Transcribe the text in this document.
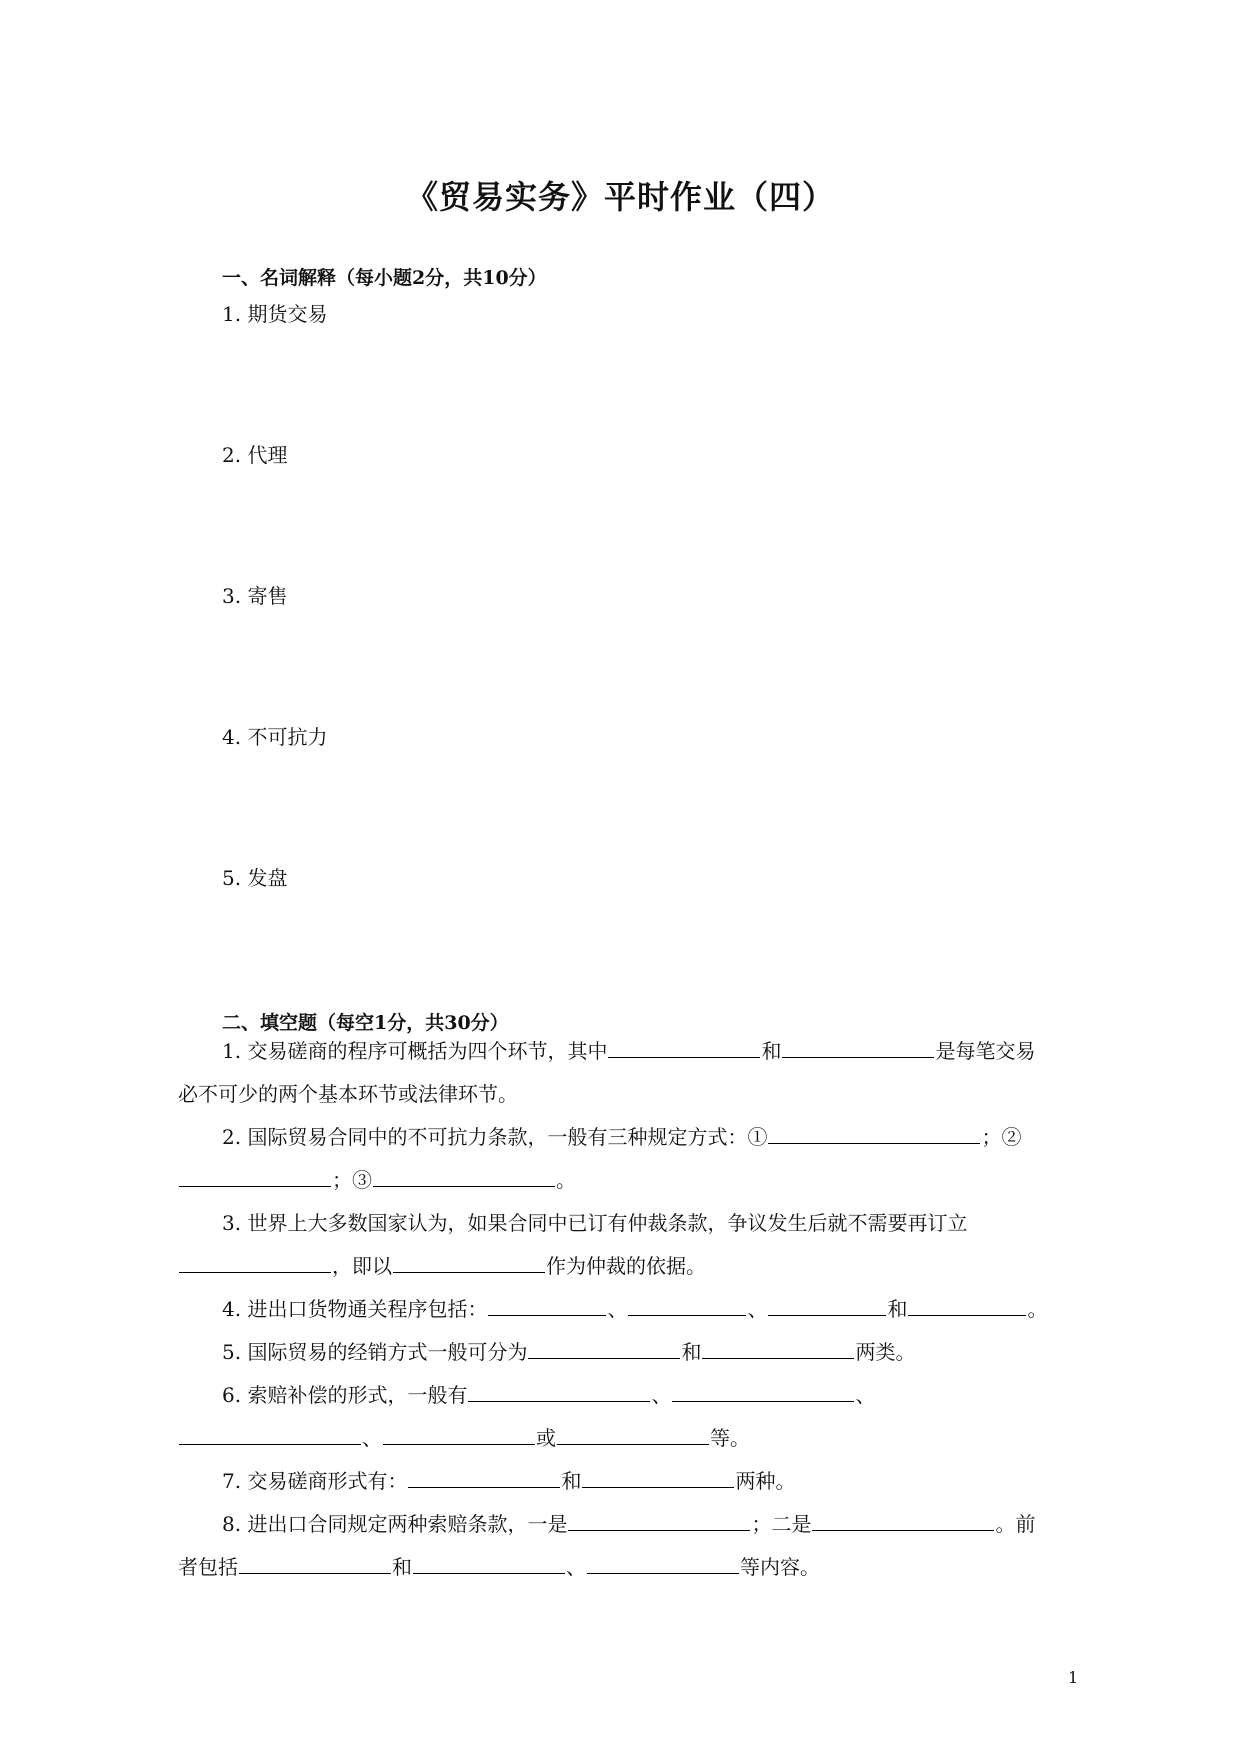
《贸易实务》平时作业（四）
一、名词解释（每小题2分，共10分）
1. 期货交易
2. 代理
3. 寄售
4. 不可抗力
5. 发盘
二、填空题（每空1分，共30分）
1. 交易磋商的程序可概括为四个环节，其中	和	是每笔交易
必不可少的两个基本环节或法律环节。
2. 国际贸易合同中的不可抗力条款，一般有三种规定方式：①	；②
；③	。
3. 世界上大多数国家认为，如果合同中已订有仲裁条款，争议发生后就不需要再订立
，即以	作为仲裁的依据。
4. 进出口货物通关程序包括：	、	、	和	。
5. 国际贸易的经销方式一般可分为	和	两类。
6. 索赔补偿的形式，一般有	、	、
、	或	等。
7. 交易磋商形式有：	和	两种。
8. 进出口合同规定两种索赔条款，一是	；二是	。前
者包括	和	、	等内容。
1
